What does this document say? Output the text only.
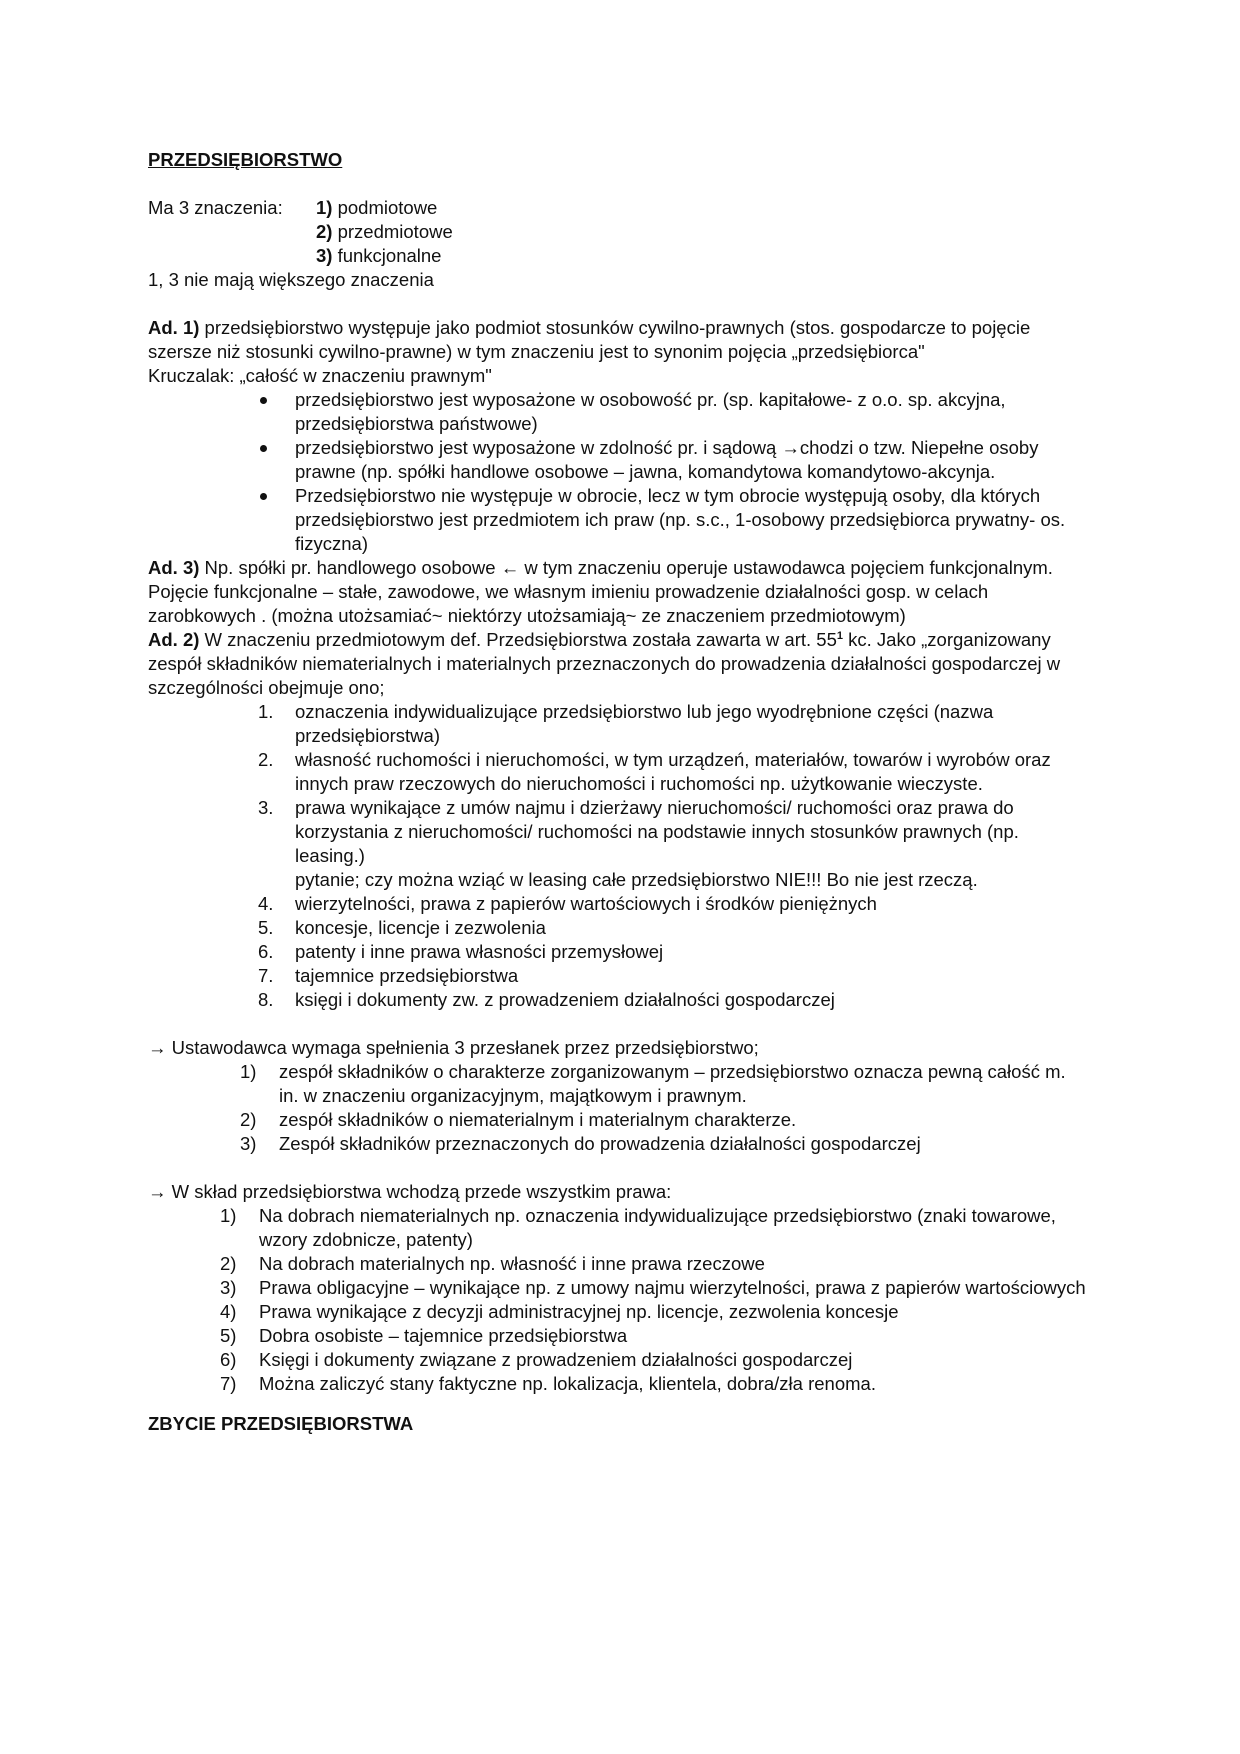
PRZEDSIĘBIORSTWO

Ma 3 znaczenia:	1) podmiotowe
2) przedmiotowe
3) funkcjonalne

1, 3 nie mają większego znaczenia

Ad. 1) przedsiębiorstwo występuje jako podmiot stosunków cywilno-prawnych (stos. gospodarcze to pojęcie szersze niż stosunki cywilno-prawne) w tym znaczeniu jest to synonim pojęcia „przedsiębiorca"

Kruczalak: „całość w znaczeniu prawnym"

przedsiębiorstwo jest wyposażone w osobowość pr. (sp. kapitałowe- z o.o. sp. akcyjna, przedsiębiorstwa państwowe)
przedsiębiorstwo jest wyposażone w zdolność pr. i sądową →chodzi o tzw. Niepełne osoby prawne (np. spółki handlowe osobowe – jawna, komandytowa komandytowo-akcynja.
Przedsiębiorstwo nie występuje w obrocie, lecz w tym obrocie występują osoby, dla których przedsiębiorstwo jest przedmiotem ich praw (np. s.c., 1-osobowy przedsiębiorca prywatny- os. fizyczna)

Ad. 3) Np. spółki pr. handlowego osobowe ← w tym znaczeniu operuje ustawodawca pojęciem funkcjonalnym.

Pojęcie funkcjonalne – stałe, zawodowe, we własnym imieniu prowadzenie działalności gosp. w celach zarobkowych . (można utożsamiać~ niektórzy utożsamiają~ ze znaczeniem przedmiotowym)

Ad. 2) W znaczeniu przedmiotowym def. Przedsiębiorstwa została zawarta w art. $55^1$ kc. Jako „zorganizowany zespół składników niematerialnych i materialnych przeznaczonych do prowadzenia działalności gospodarczej w szczególności obejmuje ono;

1. oznaczenia indywidualizujące przedsiębiorstwo lub jego wyodrębnione części (nazwa przedsiębiorstwa)
2. własność ruchomości i nieruchomości, w tym urządzeń, materiałów, towarów i wyrobów oraz innych praw rzeczowych do nieruchomości i ruchomości np. użytkowanie wieczyste.
3. prawa wynikające z umów najmu i dzierżawy nieruchomości/ ruchomości oraz prawa do korzystania z nieruchomości/ ruchomości na podstawie innych stosunków prawnych (np. leasing.)

pytanie; czy można wziąć w leasing całe przedsiębiorstwo NIE!!! Bo nie jest rzeczą.

4. wierzytelności, prawa z papierów wartościowych i środków pieniężnych
5. koncesje, licencje i zezwolenia
6. patenty i inne prawa własności przemysłowej
7. tajemnice przedsiębiorstwa
8. księgi i dokumenty zw. z prowadzeniem działalności gospodarczej

→ Ustawodawca wymaga spełnienia 3 przesłanek przez przedsiębiorstwo;

1) zespół składników o charakterze zorganizowanym – przedsiębiorstwo oznacza pewną całość m. in. w znaczeniu organizacyjnym, majątkowym i prawnym.
2) zespół składników o niematerialnym i materialnym charakterze.
3) Zespół składników przeznaczonych do prowadzenia działalności gospodarczej

→ W skład przedsiębiorstwa wchodzą przede wszystkim prawa:

1) Na dobrach niematerialnych np. oznaczenia indywidualizujące przedsiębiorstwo (znaki towarowe, wzory zdobnicze, patenty)
2) Na dobrach materialnych np. własność i inne prawa rzeczowe
3) Prawa obligacyjne – wynikające np. z umowy najmu wierzytelności, prawa z papierów wartościowych
4) Prawa wynikające z decyzji administracyjnej np. licencje, zezwolenia koncesje
5) Dobra osobiste – tajemnice przedsiębiorstwa
6) Księgi i dokumenty związane z prowadzeniem działalności gospodarczej
7) Można zaliczyć stany faktyczne np. lokalizacja, klientela, dobra/zła renoma.

ZBYCIE PRZEDSIĘBIORSTWA
